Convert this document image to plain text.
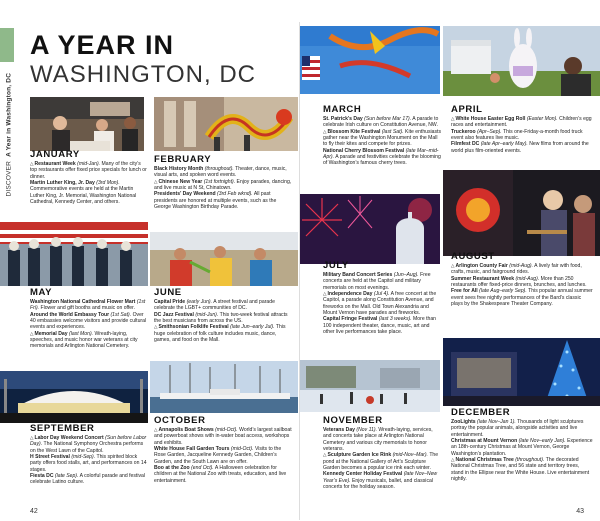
DISCOVER  A Year in Washington, DC
A YEAR IN
WASHINGTON, DC
JANUARY	FEBRUARY
MARCH	APRIL
MAY	JUNE
JULY
AUGUST
SEPTEMBER
OCTOBER	NOVEMBER
DECEMBER

△Restaurant Week (mid-Jan). Many of the city’s top restaurants offer fixed price specials for lunch or dinner.

Martin Luther King, Jr. Day (3rd Mon). Commemorative events are held at the Martin Luther King, Jr. Memorial, Washington National Cathedral, Kennedy Center, and others.

Black History Month (throughout). Theater, dance, music, visual arts, and spoken word events.

△Chinese New Year (1st fortnight). Enjoy parades, dancing, and live music at N St, Chinatown.

Presidents’ Day Weekend (3rd Feb wknd). All past presidents are honored at multiple events, such as the George Washington Birthday Parade.

St. Patrick’s Day (Sun before Mar 17). A parade to celebrate Irish culture on Constitution Avenue, NW.

△Blossom Kite Festival (last Sat). Kite enthusiasts gather near the Washington Monument on the Mall to fly their kites and compete for prizes.

National Cherry Blossom Festival (late Mar–mid-Apr). A parade and festivities celebrate the blooming of Washington’s famous cherry trees.

△White House Easter Egg Roll (Easter Mon). Children’s egg races and entertainment.

Truckeroo (Apr–Sep). This one-Friday-a-month food truck event also features live music.

Filmfest DC (late Apr–early May). New films from around the world plus film-oriented events.

Washington National Cathedral Flower Mart (1st Fri). Flower and gift booths and music on offer.

Around the World Embassy Tour (1st Sat). Over 40 embassies welcome visitors and provide cultural events and experiences.

△Memorial Day (last Mon). Wreath-laying, speeches, and music honor war veterans at city memorials and Arlington National Cemetery.

Capital Pride (early Jun). A street festival and parade celebrate the LGBT+ communities of DC.

DC Jazz Festival (mid-Jun). This two-week festival attracts the best musicians from across the US.

△Smithsonian Folklife Festival (late Jun–early Jul). This huge celebration of folk culture includes music, dance, games, and food on the Mall.

Military Band Concert Series (Jun–Aug). Free concerts are held at the Capitol and military memorials on most evenings.

△Independence Day (Jul 4). A free concert at the Capitol, a parade along Constitution Avenue, and fireworks on the Mall. Old Town Alexandria and Mount Vernon have parades and fireworks.

Capital Fringe Festival (last 3 weeks). More than 100 independent theater, dance, music, art and other live performances take place.

△Arlington County Fair (mid-Aug). A lively fair with food, crafts, music, and fairground rides.

Summer Restaurant Week (mid-Aug). More than 250 restaurants offer fixed-price dinners, brunches, and lunches.

Free for All (late Aug–early Sep). This popular annual summer event sees free nightly performances of the Bard’s classic plays by the Shakespeare Theater Company.

△Labor Day Weekend Concert (Sun before Labor Day). The National Symphony Orchestra performs on the West Lawn of the Capitol.

H Street Festival (mid-Sep). This spirited block party offers food stalls, art, and performances on 14 stages.

Fiesta DC (late Sep). A colorful parade and festival celebrate Latino culture.

△Annapolis Boat Shows (mid-Oct). World’s largest sailboat and powerboat shows with in-water boat access, workshops and exhibits.

White House Fall Garden Tours (mid-Oct). Visits to the Rose Garden, Jacqueline Kennedy Garden, Children’s Garden, and the South Lawn are on offer.

Boo at the Zoo (end Oct). A Halloween celebration for children at the National Zoo with treats, education, and live entertainment.

Veterans Day (Nov 11). Wreath-laying, services, and concerts take place at Arlington National Cemetery and various city memorials to honor veterans.

△Sculpture Garden Ice Rink (mid-Nov–Mar). The pond at the National Gallery of Art’s Sculpture Garden becomes a popular ice rink each winter.

Kennedy Center Holiday Festival (late Nov–New Year’s Eve). Enjoy musicals, ballet, and classical concerts for the holiday season.

ZooLights (late Nov–Jan 1). Thousands of light sculptures portray the popular animals, alongside activities and live entertainment.

Christmas at Mount Vernon (late Nov–early Jan). Experience an 18th-century Christmas at Mount Vernon, George Washington’s plantation.

△National Christmas Tree (throughout). The decorated National Christmas Tree, and 56 state and territory trees, stand in the Ellipse near the White House. Live entertainment nightly.

42	43
